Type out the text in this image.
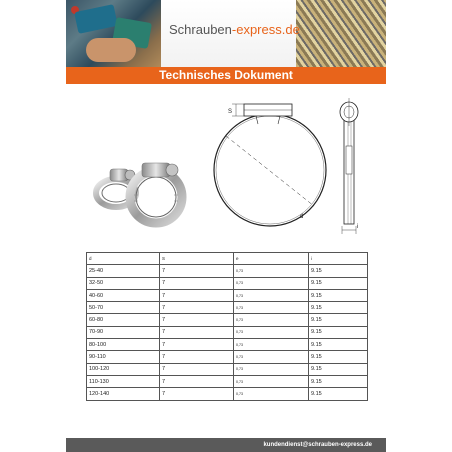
Schrauben-express.de
Technisches Dokument
S
d
i
d	S	e	i
25-40	7	0,73	9.15
32-50	7	0,73	9.15
40-60	7	0,73	9.15
50-70	7	0,73	9.15
60-80	7	0,73	9.15
70-90	7	0,73	9.15
80-100	7	0,73	9.15
90-110	7	0,73	9.15
100-120	7	0,73	9.15
110-130	7	0,73	9.15
120-140	7	0,73	9.15
kundendienst@schrauben-express.de
